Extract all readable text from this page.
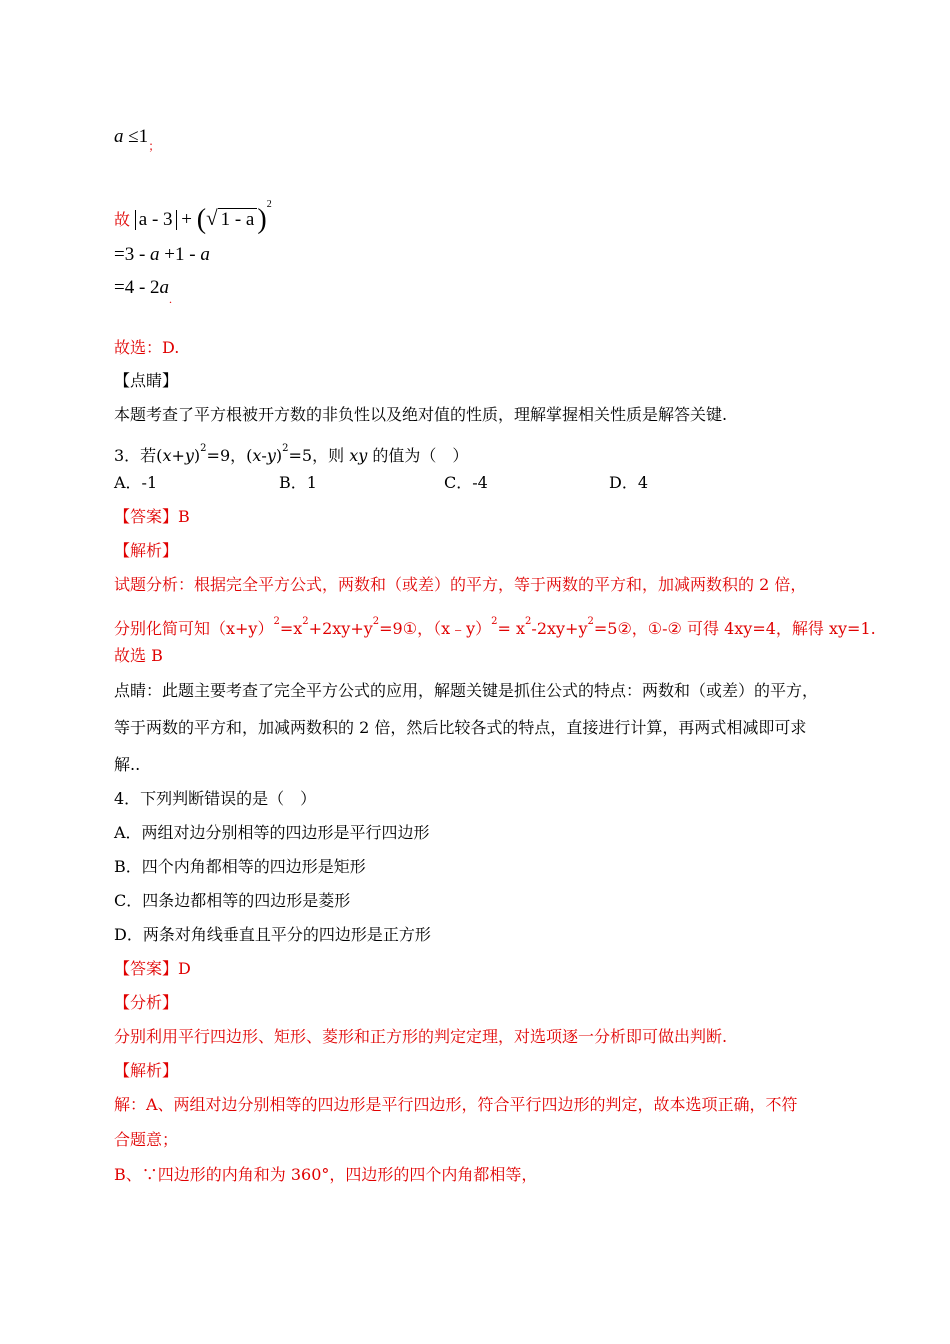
$a \le 1_;$
故 a - 3 + (√ 1 - a )$^2$
=3 - a +1 - a
$=4 - 2a_.$
故选：D.
【点睛】
本题考查了平方根被开方数的非负性以及绝对值的性质，理解掌握相关性质是解答关键.
3．若$(x+y)^2=9$，$(x-y)^2=5$，则 xy 的值为（　）
A．-1	B．1	C．-4	D．4
【答案】B
【解析】
试题分析：根据完全平方公式，两数和（或差）的平方，等于两数的平方和，加减两数积的 2 倍，
分别化简可知$(x+y)^2=x^2+2xy+y^2=9①$，（x﹣y）$^2$= $x^2-2xy+y^2=5②$，①-② 可得 4xy=4，解得 xy=1.
故选 B
点睛：此题主要考查了完全平方公式的应用，解题关键是抓住公式的特点：两数和（或差）的平方，
等于两数的平方和，加减两数积的 2 倍，然后比较各式的特点，直接进行计算，再两式相减即可求
解..
4．下列判断错误的是（　）
A．两组对边分别相等的四边形是平行四边形
B．四个内角都相等的四边形是矩形
C．四条边都相等的四边形是菱形
D．两条对角线垂直且平分的四边形是正方形
【答案】D
【分析】
分别利用平行四边形、矩形、菱形和正方形的判定定理，对选项逐一分析即可做出判断.
【解析】
解：A、两组对边分别相等的四边形是平行四边形，符合平行四边形的判定，故本选项正确，不符
合题意；
B、∵四边形的内角和为 360°，四边形的四个内角都相等，
